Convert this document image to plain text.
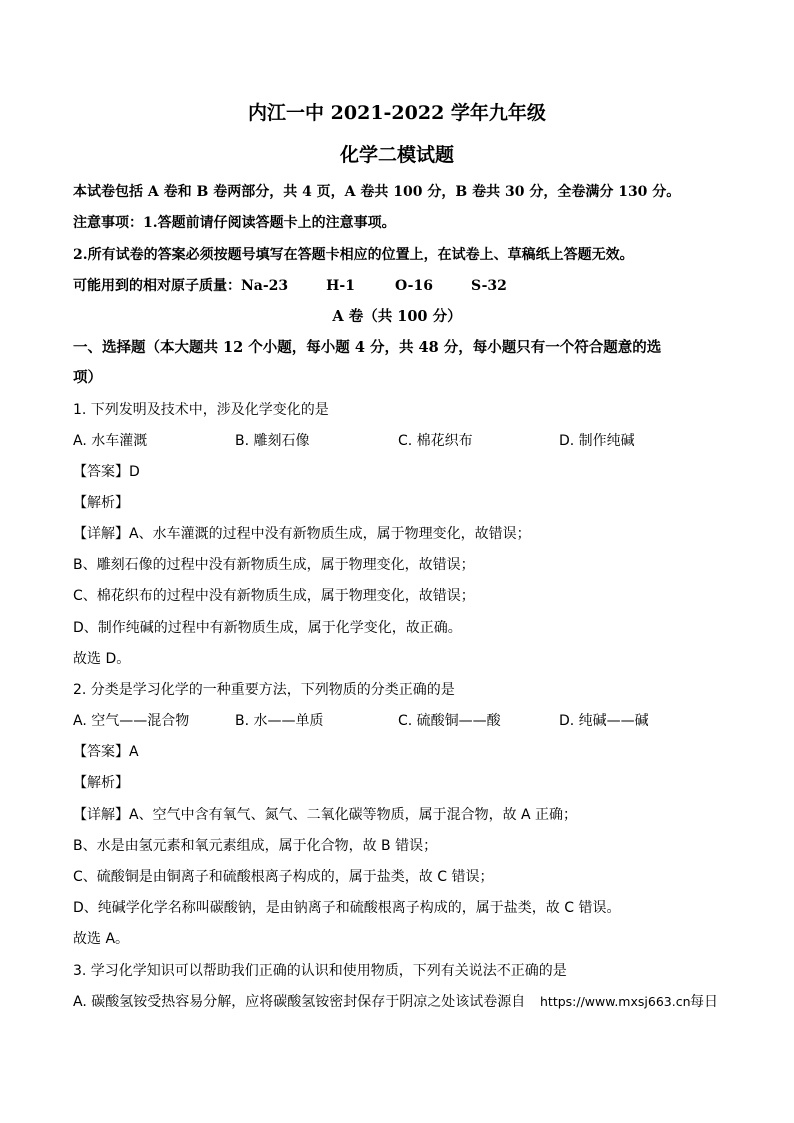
内江一中 2021-2022 学年九年级
化学二模试题
本试卷包括 A 卷和 B 卷两部分，共 4 页，A 卷共 100 分，B 卷共 30 分，全卷满分 130 分。
注意事项：1.答题前请仔阅读答题卡上的注意事项。
2.所有试卷的答案必须按题号填写在答题卡相应的位置上，在试卷上、草稿纸上答题无效。
可能用到的相对原子质量：Na-23	H-1	O-16	S-32
A 卷（共 100 分）
一、选择题（本大题共 12 个小题，每小题 4 分，共 48 分，每小题只有一个符合题意的选
项）
1. 下列发明及技术中，涉及化学变化的是
A. 水车灌溉	B. 雕刻石像	C. 棉花织布	D. 制作纯碱
【答案】D
【解析】
【详解】A、水车灌溉的过程中没有新物质生成，属于物理变化，故错误；
B、雕刻石像的过程中没有新物质生成，属于物理变化，故错误；
C、棉花织布的过程中没有新物质生成，属于物理变化，故错误；
D、制作纯碱的过程中有新物质生成，属于化学变化，故正确。
故选 D。
2. 分类是学习化学的一种重要方法，下列物质的分类正确的是
A. 空气——混合物	B. 水——单质	C. 硫酸铜——酸	D. 纯碱——碱
【答案】A
【解析】
【详解】A、空气中含有氧气、氮气、二氧化碳等物质，属于混合物，故 A 正确；
B、水是由氢元素和氧元素组成，属于化合物，故 B 错误；
C、硫酸铜是由铜离子和硫酸根离子构成的，属于盐类，故 C 错误；
D、纯碱学化学名称叫碳酸钠，是由钠离子和硫酸根离子构成的，属于盐类，故 C 错误。
故选 A。
3. 学习化学知识可以帮助我们正确的认识和使用物质，下列有关说法不正确的是
A. 碳酸氢铵受热容易分解，应将碳酸氢铵密封保存于阴凉之处该试卷源自 https://www.mxsj663.cn 每日
